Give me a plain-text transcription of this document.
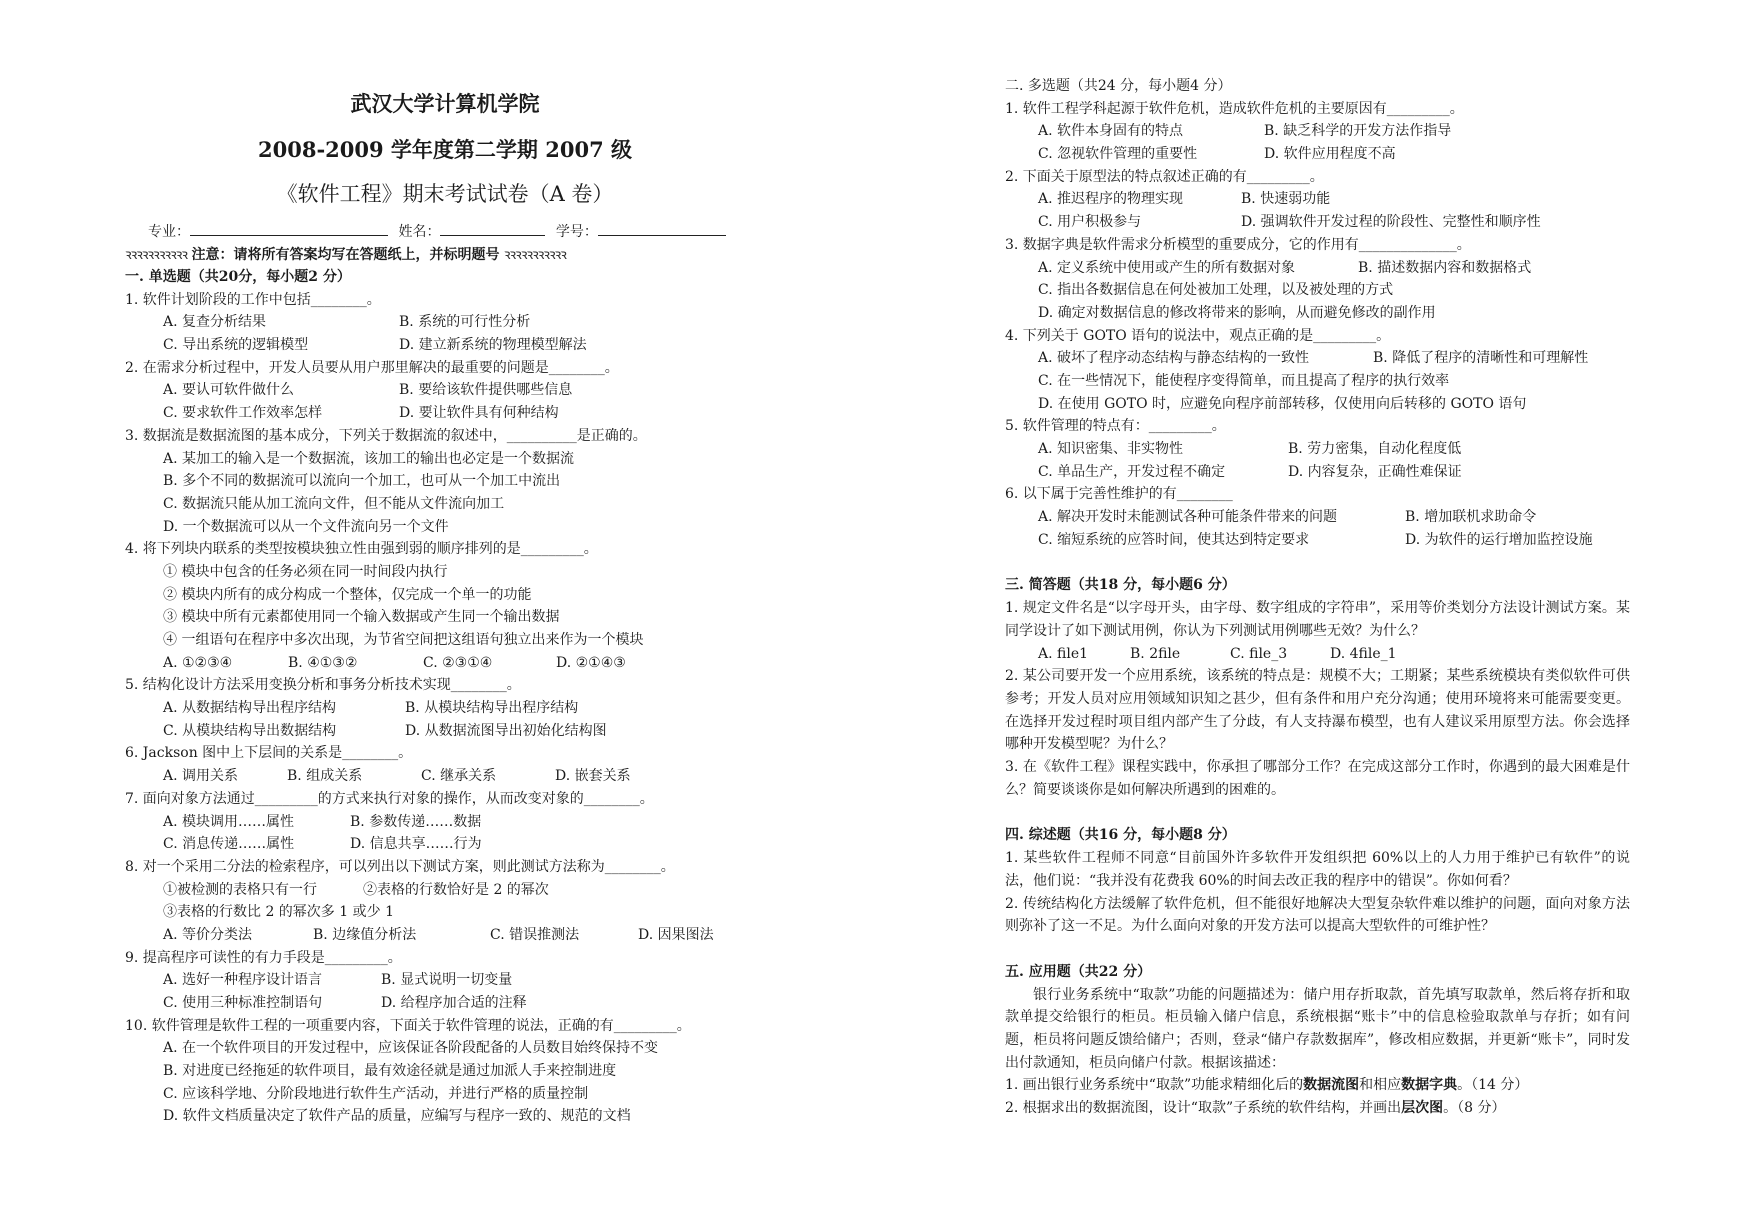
武汉大学计算机学院
2008-2009 学年度第二学期 2007 级
《软件工程》期末考试试卷（A 卷）
专业：	姓名：	学号：
ꝛꝛꝛꝛꝛꝛꝛꝛꝛꝛꝛ 注意：请将所有答案均写在答题纸上，并标明题号 ꝛꝛꝛꝛꝛꝛꝛꝛꝛꝛꝛ
一. 单选题（共20分，每小题2 分）
1. 软件计划阶段的工作中包括________。
A. 复查分析结果	B. 系统的可行性分析
C. 导出系统的逻辑模型	D. 建立新系统的物理模型解法
2. 在需求分析过程中，开发人员要从用户那里解决的最重要的问题是________。
A. 要认可软件做什么	B. 要给该软件提供哪些信息
C. 要求软件工作效率怎样	D. 要让软件具有何种结构
3. 数据流是数据流图的基本成分，下列关于数据流的叙述中，__________是正确的。
A. 某加工的输入是一个数据流，该加工的输出也必定是一个数据流
B. 多个不同的数据流可以流向一个加工，也可从一个加工中流出
C. 数据流只能从加工流向文件，但不能从文件流向加工
D. 一个数据流可以从一个文件流向另一个文件
4. 将下列块内联系的类型按模块独立性由强到弱的顺序排列的是_________。
① 模块中包含的任务必须在同一时间段内执行
② 模块内所有的成分构成一个整体，仅完成一个单一的功能
③ 模块中所有元素都使用同一个输入数据或产生同一个输出数据
④ 一组语句在程序中多次出现，为节省空间把这组语句独立出来作为一个模块
A. ①②③④	B. ④①③②	C. ②③①④	D. ②①④③
5. 结构化设计方法采用变换分析和事务分析技术实现________。
A. 从数据结构导出程序结构	B. 从模块结构导出程序结构
C. 从模块结构导出数据结构	D. 从数据流图导出初始化结构图
6. Jackson 图中上下层间的关系是________。
A. 调用关系	B. 组成关系	C. 继承关系	D. 嵌套关系
7. 面向对象方法通过_________的方式来执行对象的操作，从而改变对象的________。
A. 模块调用……属性	B. 参数传递……数据
C. 消息传递……属性	D. 信息共享……行为
8. 对一个采用二分法的检索程序，可以列出以下测试方案，则此测试方法称为________。
①被检测的表格只有一行	②表格的行数恰好是 2 的幂次
③表格的行数比 2 的幂次多 1 或少 1
A. 等价分类法	B. 边缘值分析法	C. 错误推测法	D. 因果图法
9. 提高程序可读性的有力手段是_________。
A. 选好一种程序设计语言	B. 显式说明一切变量
C. 使用三种标准控制语句	D. 给程序加合适的注释
10. 软件管理是软件工程的一项重要内容，下面关于软件管理的说法，正确的有_________。
A. 在一个软件项目的开发过程中，应该保证各阶段配备的人员数目始终保持不变
B. 对进度已经拖延的软件项目，最有效途径就是通过加派人手来控制进度
C. 应该科学地、分阶段地进行软件生产活动，并进行严格的质量控制
D. 软件文档质量决定了软件产品的质量，应编写与程序一致的、规范的文档
二. 多选题（共24 分，每小题4 分）
1. 软件工程学科起源于软件危机，造成软件危机的主要原因有_________。
A. 软件本身固有的特点	B. 缺乏科学的开发方法作指导
C. 忽视软件管理的重要性	D. 软件应用程度不高
2. 下面关于原型法的特点叙述正确的有_________。
A. 推迟程序的物理实现	B. 快速弱功能
C. 用户积极参与	D. 强调软件开发过程的阶段性、完整性和顺序性
3. 数据字典是软件需求分析模型的重要成分，它的作用有______________。
A. 定义系统中使用或产生的所有数据对象	B. 描述数据内容和数据格式
C. 指出各数据信息在何处被加工处理，以及被处理的方式
D. 确定对数据信息的修改将带来的影响，从而避免修改的副作用
4. 下列关于 GOTO 语句的说法中，观点正确的是_________。
A. 破坏了程序动态结构与静态结构的一致性	B. 降低了程序的清晰性和可理解性
C. 在一些情况下，能使程序变得简单，而且提高了程序的执行效率
D. 在使用 GOTO 时，应避免向程序前部转移，仅使用向后转移的 GOTO 语句
5. 软件管理的特点有：_________。
A. 知识密集、非实物性	B. 劳力密集，自动化程度低
C. 单品生产，开发过程不确定	D. 内容复杂，正确性难保证
6. 以下属于完善性维护的有________
A. 解决开发时未能测试各种可能条件带来的问题	B. 增加联机求助命令
C. 缩短系统的应答时间，使其达到特定要求	D. 为软件的运行增加监控设施
三. 简答题（共18 分，每小题6 分）
1. 规定文件名是“以字母开头，由字母、数字组成的字符串”，采用等价类划分方法设计测试方案。某同学设计了如下测试用例，你认为下列测试用例哪些无效？为什么？
A. file1	B. 2file	C. file_3	D. 4file_1
2. 某公司要开发一个应用系统，该系统的特点是：规模不大；工期紧；某些系统模块有类似软件可供参考；开发人员对应用领域知识知之甚少，但有条件和用户充分沟通；使用环境将来可能需要变更。在选择开发过程时项目组内部产生了分歧，有人支持瀑布模型，也有人建议采用原型方法。你会选择哪种开发模型呢？为什么？
3. 在《软件工程》课程实践中，你承担了哪部分工作？在完成这部分工作时，你遇到的最大困难是什么？简要谈谈你是如何解决所遇到的困难的。
四. 综述题（共16 分，每小题8 分）
1. 某些软件工程师不同意“目前国外许多软件开发组织把 60%以上的人力用于维护已有软件”的说法，他们说：“我并没有花费我 60%的时间去改正我的程序中的错误”。你如何看？
2. 传统结构化方法缓解了软件危机，但不能很好地解决大型复杂软件难以维护的问题，面向对象方法则弥补了这一不足。为什么面向对象的开发方法可以提高大型软件的可维护性？
五. 应用题（共22 分）
银行业务系统中“取款”功能的问题描述为：储户用存折取款，首先填写取款单，然后将存折和取款单提交给银行的柜员。柜员输入储户信息，系统根据“账卡”中的信息检验取款单与存折；如有问题，柜员将问题反馈给储户；否则，登录“储户存款数据库”，修改相应数据，并更新“账卡”，同时发出付款通知，柜员向储户付款。根据该描述：
1. 画出银行业务系统中“取款”功能求精细化后的数据流图和相应数据字典。（14 分）
2. 根据求出的数据流图，设计“取款”子系统的软件结构，并画出层次图。（8 分）
